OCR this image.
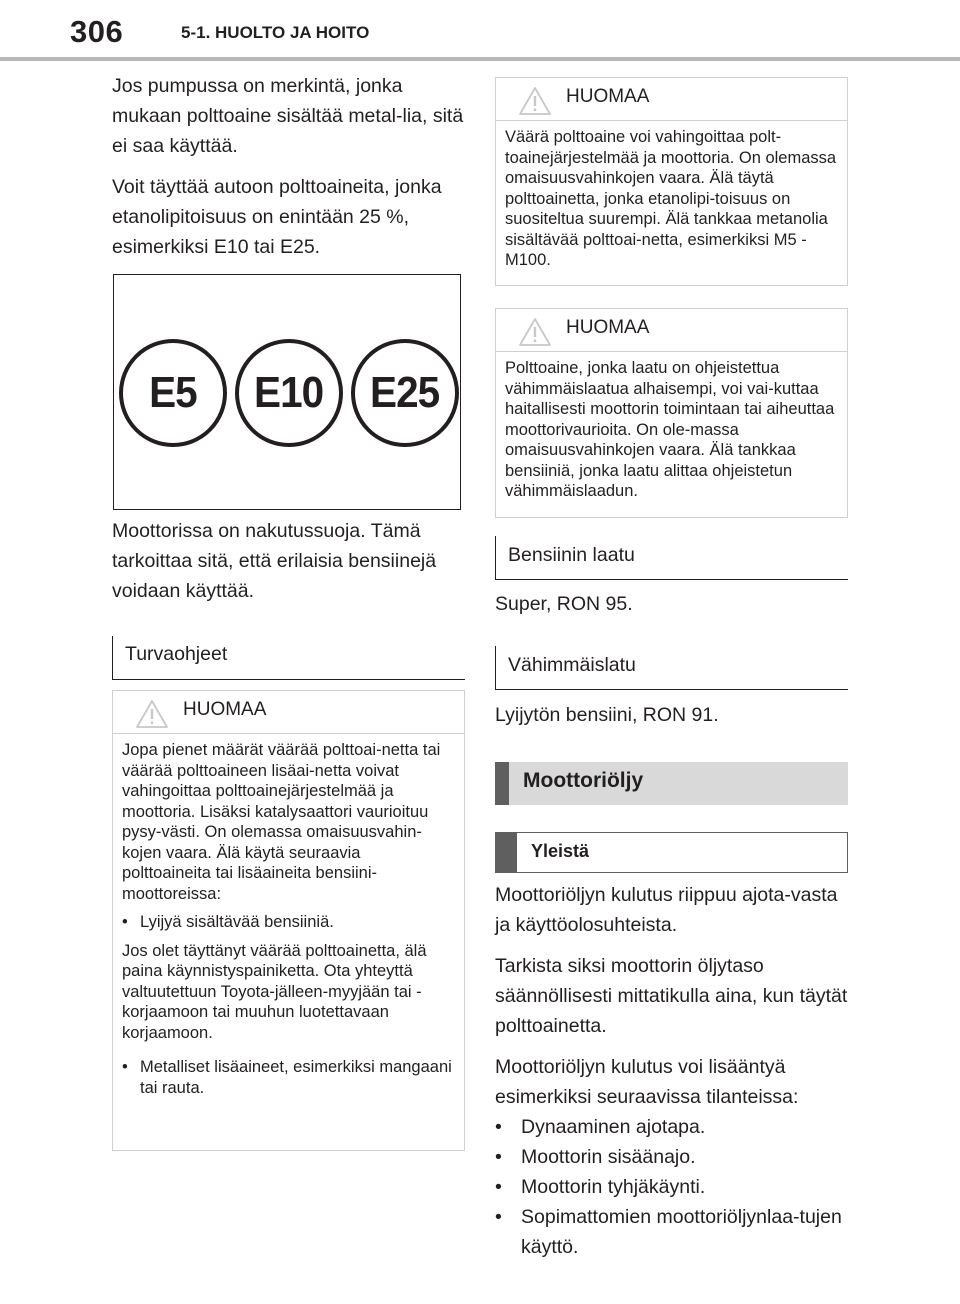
306	5-1. HUOLTO JA HOITO

Jos pumpussa on merkintä, jonka mukaan polttoaine sisältää metal-lia, sitä ei saa käyttää.

Voit täyttää autoon polttoaineita, jonka etanolipitoisuus on enintään 25 %, esimerkiksi E10 tai E25.

E5 E10 E25

Moottorissa on nakutussuoja. Tämä tarkoittaa sitä, että erilaisia bensiinejä voidaan käyttää.

Turvaohjeet
HUOMAA

Jopa pienet määrät väärää polttoai-netta tai väärää polttoaineen lisäai-netta voivat vahingoittaa polttoainejärjestelmää ja moottoria. Lisäksi katalysaattori vaurioituu pysy-västi. On olemassa omaisuusvahin-kojen vaara. Älä käytä seuraavia polttoaineita tai lisäaineita bensiini-moottoreissa:

• Lyijyä sisältävää bensiiniä.

Jos olet täyttänyt väärää polttoainetta, älä paina käynnistyspainiketta. Ota yhteyttä valtuutettuun Toyota-jälleen-myyjään tai -korjaamoon tai muuhun luotettavaan korjaamoon.

• Metalliset lisäaineet, esimerkiksi mangaani tai rauta.
HUOMAA
Väärä polttoaine voi vahingoittaa polt-toainejärjestelmää ja moottoria. On olemassa omaisuusvahinkojen vaara. Älä täytä polttoainetta, jonka etanolipi-toisuus on suositeltua suurempi. Älä tankkaa metanolia sisältävää polttoai-netta, esimerkiksi M5 - M100.
HUOMAA
Polttoaine, jonka laatu on ohjeistettua vähimmäislaatua alhaisempi, voi vai-kuttaa haitallisesti moottorin toimintaan tai aiheuttaa moottorivaurioita. On ole-massa omaisuusvahinkojen vaara. Älä tankkaa bensiiniä, jonka laatu alittaa ohjeistetun vähimmäislaadun.
Bensiinin laatu
Super, RON 95.
Vähimmäislatu
Lyijytön bensiini, RON 91.
Moottoriöljy
Yleistä

Moottoriöljyn kulutus riippuu ajota-vasta ja käyttöolosuhteista.

Tarkista siksi moottorin öljytaso säännöllisesti mittatikulla aina, kun täytät polttoainetta.

Moottoriöljyn kulutus voi lisääntyä esimerkiksi seuraavissa tilanteissa:

• Dynaaminen ajotapa.
• Moottorin sisäänajo.
• Moottorin tyhjäkäynti.
• Sopimattomien moottoriöljynlaa-tujen käyttö.
